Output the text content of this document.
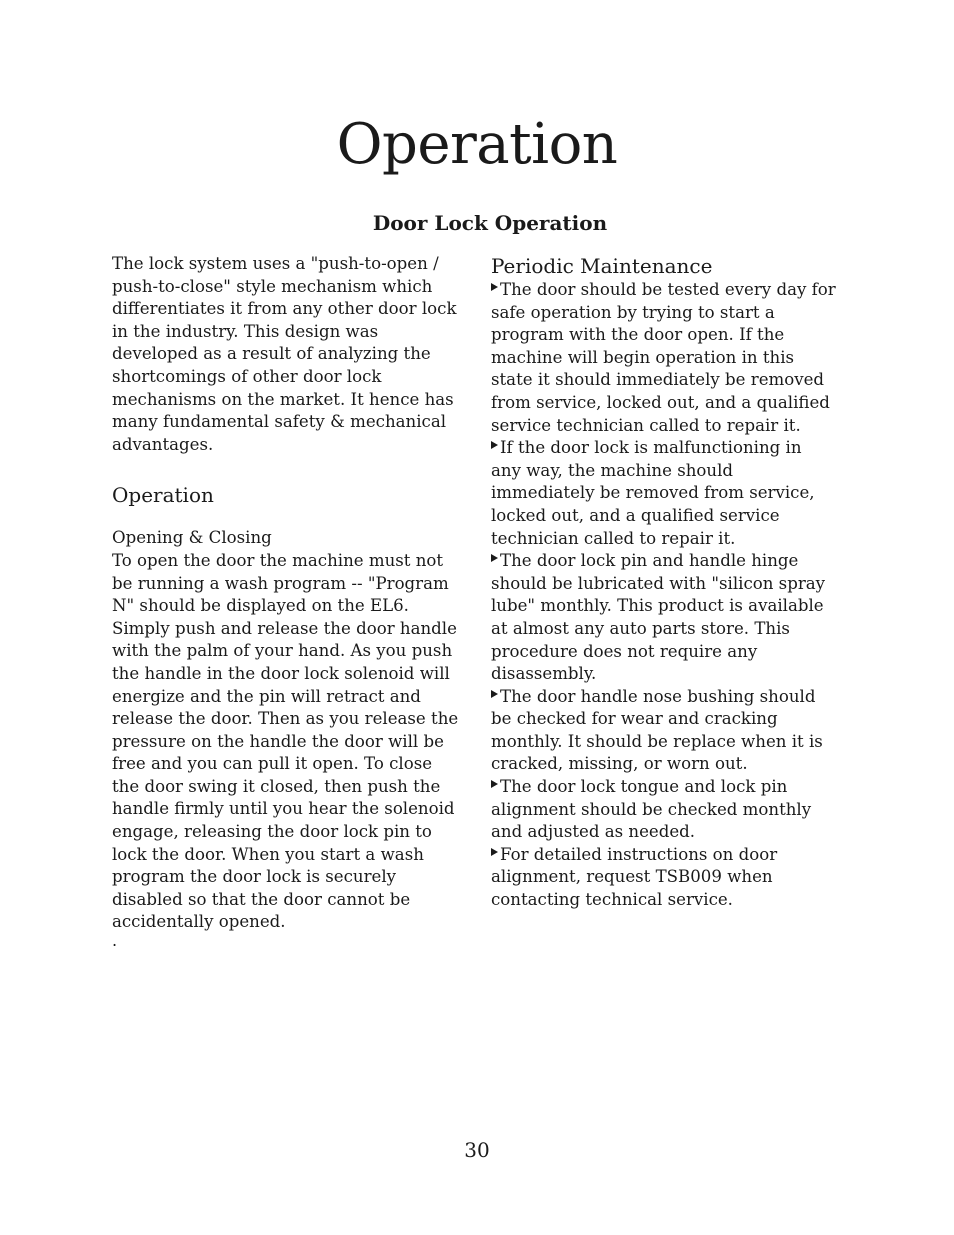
Operation
Door Lock Operation

The lock system uses a "push-to-open / push-to-close" style mechanism which differentiates it from any other door lock in the industry. This design was developed as a result of analyzing the shortcomings of other door lock mechanisms on the market. It hence has many fundamental safety & mechanical advantages.

Operation

Opening & Closing

To open the door the machine must not be running a wash program -- "Program N" should be displayed on the EL6. Simply push and release the door handle with the palm of your hand. As you push the handle in the door lock solenoid will energize and the pin will retract and release the door. Then as you release the pressure on the handle the door will be free and you can pull it open. To close the door swing it closed, then push the handle firmly until you hear the solenoid engage, releasing the door lock pin to lock the door. When you start a wash program the door lock is securely disabled so that the door cannot be accidentally opened.

.

Periodic Maintenance

The door should be tested every day for safe operation by trying to start a program with the door open. If the machine will begin operation in this state it should immediately be removed from service, locked out, and a qualified service technician called to repair it.
If the door lock is malfunctioning in any way, the machine should immediately be removed from service, locked out, and a qualified service technician called to repair it.
The door lock pin and handle hinge should be lubricated with "silicon spray lube" monthly. This product is available at almost any auto parts store. This procedure does not require any disassembly.
The door handle nose bushing should be checked for wear and cracking monthly. It should be replace when it is cracked, missing, or worn out.
The door lock tongue and lock pin alignment should be checked monthly and adjusted as needed.
For detailed instructions on door alignment, request TSB009 when contacting technical service.
30
